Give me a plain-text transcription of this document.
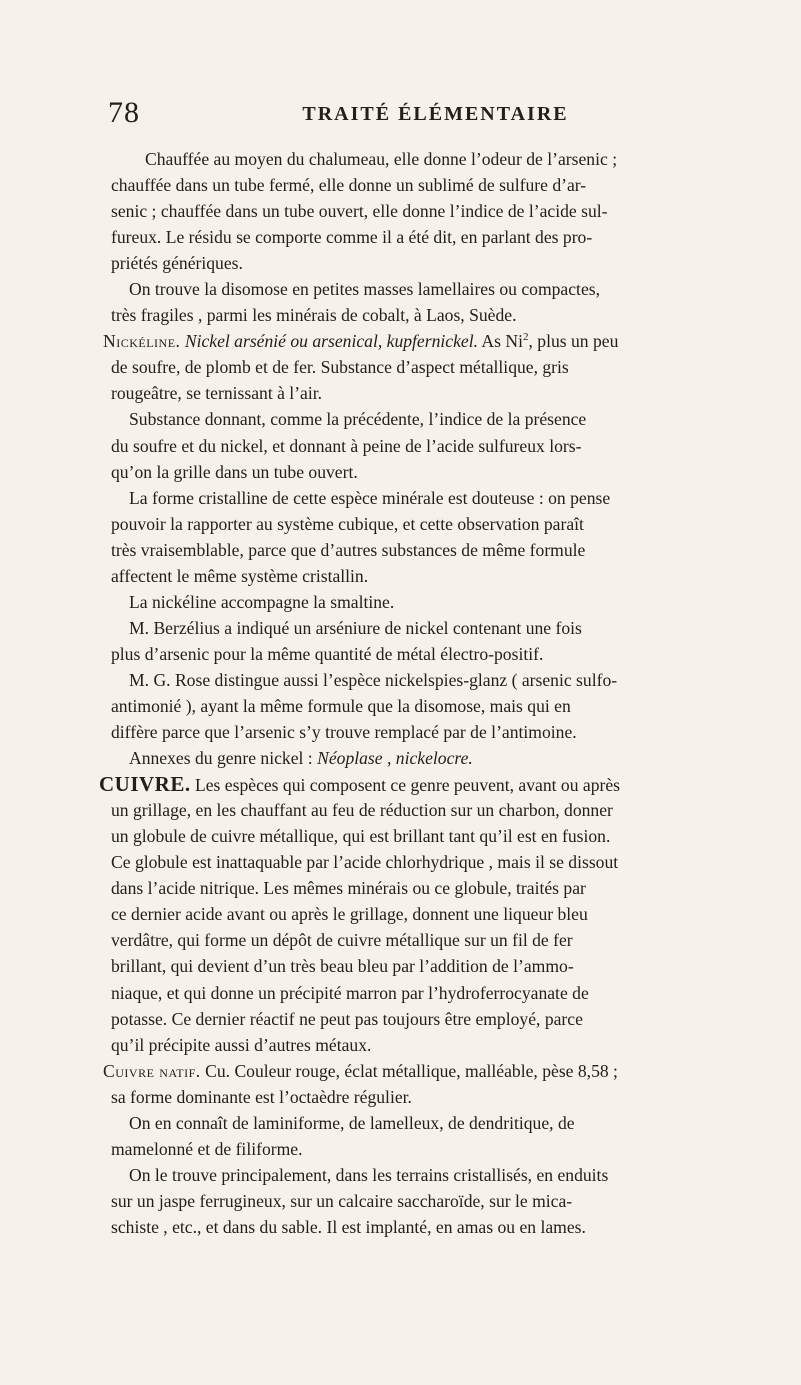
78	TRAITÉ ÉLÉMENTAIRE
Chauffée au moyen du chalumeau, elle donne l’odeur de l’arsenic ;
chauffée dans un tube fermé, elle donne un sublimé de sulfure d’ar-
senic ; chauffée dans un tube ouvert, elle donne l’indice de l’acide sul-
fureux. Le résidu se comporte comme il a été dit, en parlant des pro-
priétés génériques.
On trouve la disomose en petites masses lamellaires ou compactes,
très fragiles , parmi les minérais de cobalt, à Laos, Suède.
Nickéline. Nickel arsénié ou arsenical, kupfernickel. As Ni$^2$, plus un peu
de soufre, de plomb et de fer. Substance d’aspect métallique, gris
rougeâtre, se ternissant à l’air.
Substance donnant, comme la précédente, l’indice de la présence
du soufre et du nickel, et donnant à peine de l’acide sulfureux lors-
qu’on la grille dans un tube ouvert.
La forme cristalline de cette espèce minérale est douteuse : on pense
pouvoir la rapporter au système cubique, et cette observation paraît
très vraisemblable, parce que d’autres substances de même formule
affectent le même système cristallin.
La nickéline accompagne la smaltine.
M. Berzélius a indiqué un arséniure de nickel contenant une fois
plus d’arsenic pour la même quantité de métal électro-positif.
M. G. Rose distingue aussi l’espèce nickelspies-glanz ( arsenic sulfo-
antimonié ), ayant la même formule que la disomose, mais qui en
diffère parce que l’arsenic s’y trouve remplacé par de l’antimoine.
Annexes du genre nickel : Néoplase , nickelocre.
CUIVRE. Les espèces qui composent ce genre peuvent, avant ou après
un grillage, en les chauffant au feu de réduction sur un charbon, donner
un globule de cuivre métallique, qui est brillant tant qu’il est en fusion.
Ce globule est inattaquable par l’acide chlorhydrique , mais il se dissout
dans l’acide nitrique. Les mêmes minérais ou ce globule, traités par
ce dernier acide avant ou après le grillage, donnent une liqueur bleu
verdâtre, qui forme un dépôt de cuivre métallique sur un fil de fer
brillant, qui devient d’un très beau bleu par l’addition de l’ammo-
niaque, et qui donne un précipité marron par l’hydroferrocyanate de
potasse. Ce dernier réactif ne peut pas toujours être employé, parce
qu’il précipite aussi d’autres métaux.
Cuivre natif. Cu. Couleur rouge, éclat métallique, malléable, pèse 8,58 ;
sa forme dominante est l’octaèdre régulier.
On en connaît de laminiforme, de lamelleux, de dendritique, de
mamelonné et de filiforme.
On le trouve principalement, dans les terrains cristallisés, en enduits
sur un jaspe ferrugineux, sur un calcaire saccharoïde, sur le mica-
schiste , etc., et dans du sable. Il est implanté, en amas ou en lames.
